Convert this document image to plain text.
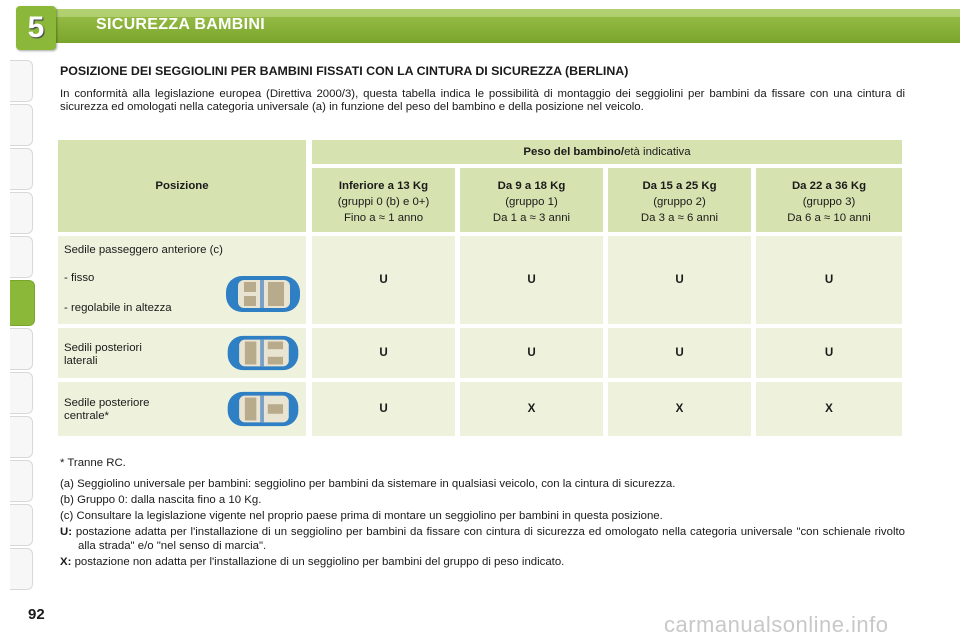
5	SICUREZZA BAMBINI
POSIZIONE DEI SEGGIOLINI PER BAMBINI FISSATI CON LA CINTURA DI SICUREZZA (BERLINA)
In conformità alla legislazione europea (Direttiva 2000/3), questa tabella indica le possibilità di montaggio dei seggiolini per bambini da fissare con una cintura di sicurezza ed omologati nella categoria universale (a) in funzione del peso del bambino e della posizione nel veicolo.
Posizione
Peso del bambino/età indicativa
Inferiore a 13 Kg
(gruppi 0 (b) e 0+)
Fino a ≈ 1 anno
Da 9 a 18 Kg
(gruppo 1)
Da 1 a ≈ 3 anni
Da 15 a 25 Kg
(gruppo 2)
Da 3 a ≈ 6 anni
Da 22 a 36 Kg
(gruppo 3)
Da 6 a ≈ 10 anni
Sedile passeggero anteriore (c)
- fisso
- regolabile in altezza
U	U	U	U
Sedili posteriori
laterali
U	U	U	U
Sedile posteriore
centrale*
U	X	X	X

* Tranne RC.

(a) Seggiolino universale per bambini: seggiolino per bambini da sistemare in qualsiasi veicolo, con la cintura di sicurezza.

(b) Gruppo 0: dalla nascita fino a 10 Kg.

(c) Consultare la legislazione vigente nel proprio paese prima di montare un seggiolino per bambini in questa posizione.

U: postazione adatta per l'installazione di un seggiolino per bambini da fissare con cintura di sicurezza ed omologato nella categoria universale "con schienale rivolto alla strada" e/o "nel senso di marcia".

X: postazione non adatta per l'installazione di un seggiolino per bambini del gruppo di peso indicato.

92	carmanualsonline.info
